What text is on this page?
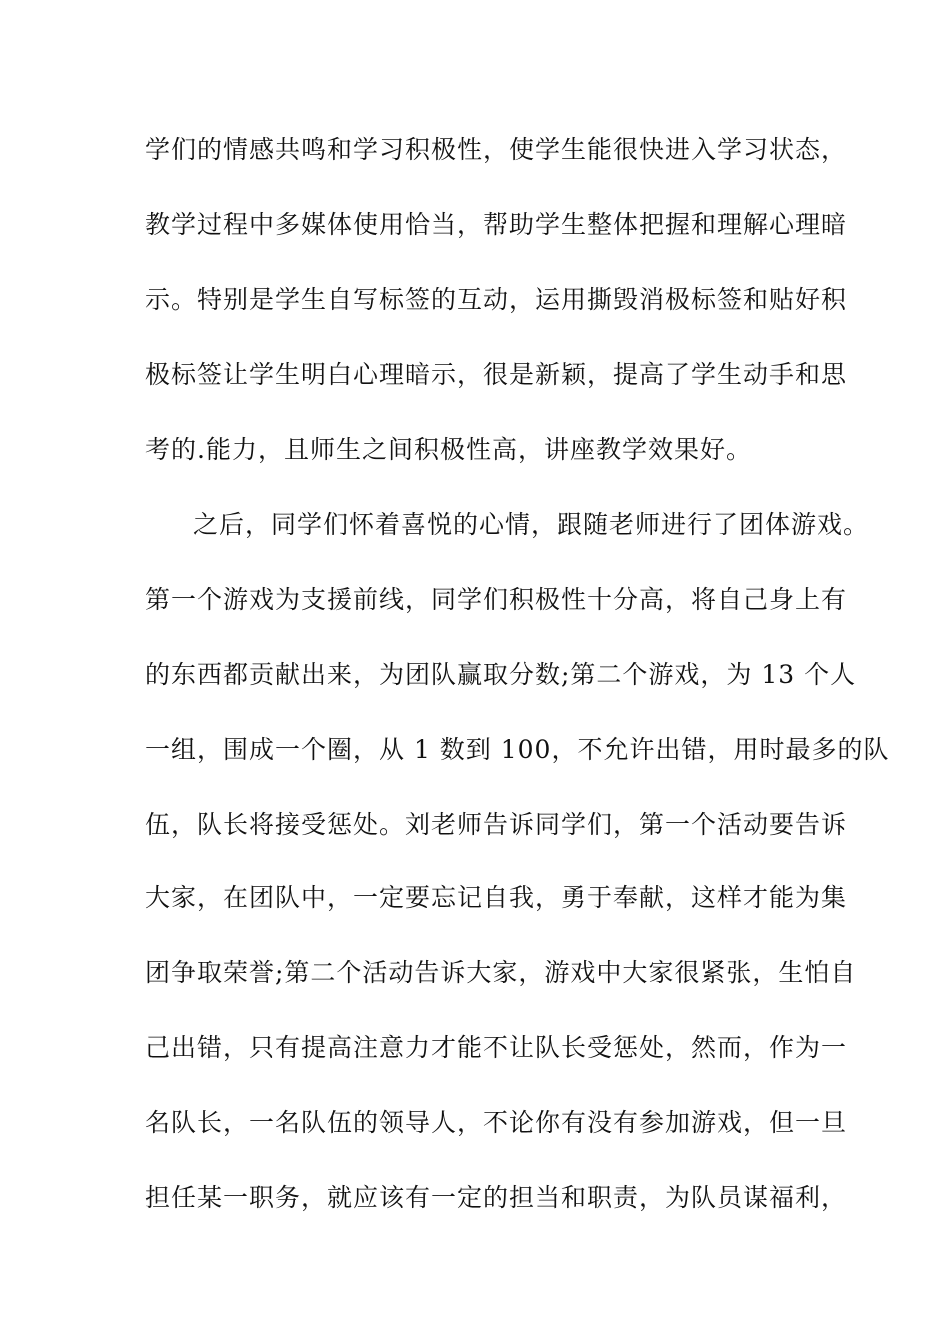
学们的情感共鸣和学习积极性，使学生能很快进入学习状态，
教学过程中多媒体使用恰当，帮助学生整体把握和理解心理暗
示。特别是学生自写标签的互动，运用撕毁消极标签和贴好积
极标签让学生明白心理暗示，很是新颖，提高了学生动手和思
考的.能力，且师生之间积极性高，讲座教学效果好。
之后，同学们怀着喜悦的心情，跟随老师进行了团体游戏。
第一个游戏为支援前线，同学们积极性十分高，将自己身上有
的东西都贡献出来，为团队赢取分数;第二个游戏，为 13 个人
一组，围成一个圈，从 1 数到 100，不允许出错，用时最多的队
伍，队长将接受惩处。刘老师告诉同学们，第一个活动要告诉
大家，在团队中，一定要忘记自我，勇于奉献，这样才能为集
团争取荣誉;第二个活动告诉大家，游戏中大家很紧张，生怕自
己出错，只有提高注意力才能不让队长受惩处，然而，作为一
名队长，一名队伍的领导人，不论你有没有参加游戏，但一旦
担任某一职务，就应该有一定的担当和职责，为队员谋福利，
